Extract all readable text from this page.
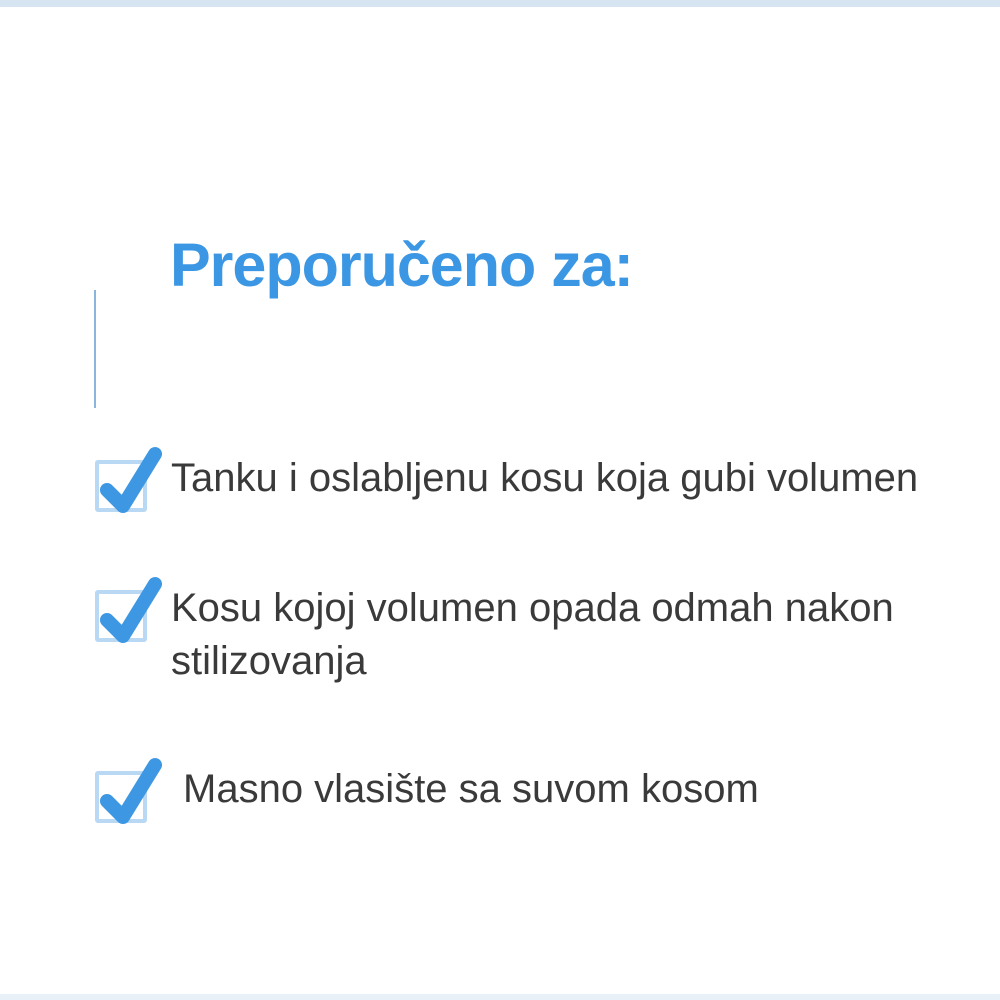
Preporučeno za:
Tanku i oslabljenu kosu koja gubi volumen
Kosu kojoj volumen opada odmah nakon stilizovanja
Masno vlasište sa suvom kosom
